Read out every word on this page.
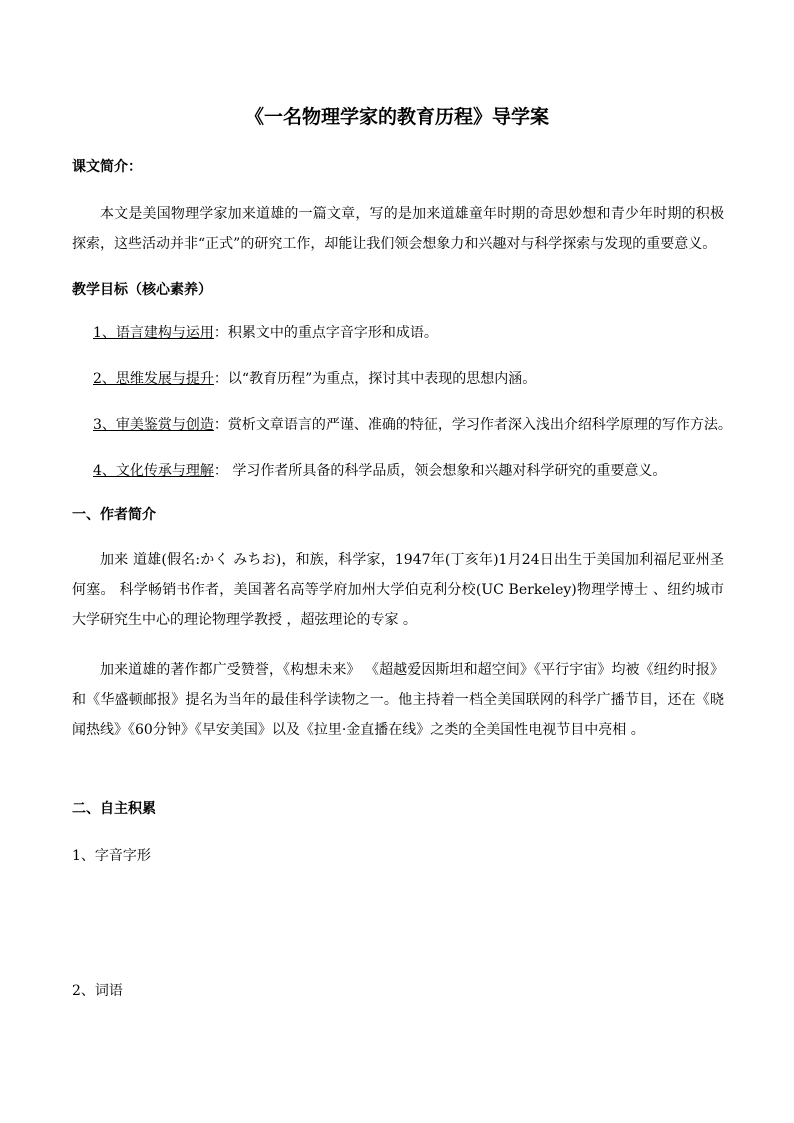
《一名物理学家的教育历程》导学案
课文简介：

本文是美国物理学家加来道雄的一篇文章，写的是加来道雄童年时期的奇思妙想和青少年时期的积极探索，这些活动并非“正式”的研究工作，却能让我们领会想象力和兴趣对与科学探索与发现的重要意义。

教学目标（核心素养）
1、语言建构与运用：积累文中的重点字音字形和成语。
2、思维发展与提升：以“教育历程”为重点，探讨其中表现的思想内涵。
3、审美鉴赏与创造：赏析文章语言的严谨、准确的特征，学习作者深入浅出介绍科学原理的写作方法。
4、文化传承与理解： 学习作者所具备的科学品质，领会想象和兴趣对科学研究的重要意义。
一、作者简介

加来 道雄(假名:かく みちお)，和族，科学家，1947年(丁亥年)1月24日出生于美国加利福尼亚州圣何塞。 科学畅销书作者，美国著名高等学府加州大学伯克利分校(UC Berkeley)物理学博士 、纽约城市大学研究生中心的理论物理学教授 ，超弦理论的专家 。

加来道雄的著作都广受赞誉，《构想未来》 《超越爱因斯坦和超空间》《平行宇宙》均被《纽约时报》和《华盛顿邮报》提名为当年的最佳科学读物之一。他主持着一档全美国联网的科学广播节目，还在《晓闻热线》《60分钟》《早安美国》以及《拉里·金直播在线》之类的全美国性电视节目中亮相 。

二、自主积累
1、字音字形
2、词语
